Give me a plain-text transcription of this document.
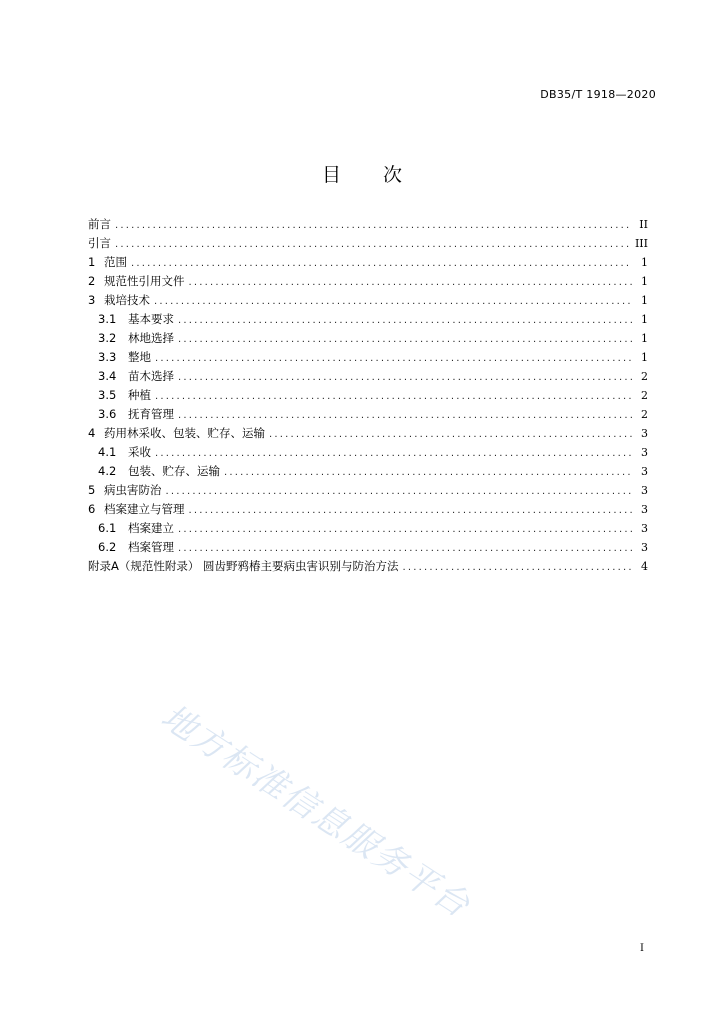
DB35/T 1918—2020
目 次
前言 .....	II
引言 .....	III
1 范围 .....	1
2 规范性引用文件 .....	1
3 栽培技术 .....	1
3.1	基本要求 .....	1
3.2	林地选择 .....	1
3.3	整地 .....	1
3.4	苗木选择 .....	2
3.5	种植 .....	2
3.6	抚育管理 .....	2
4 药用林采收、包装、贮存、运输 .....	3
4.1	采收 .....	3
4.2	包装、贮存、运输 .....	3
5 病虫害防治 .....	3
6 档案建立与管理 .....	3
6.1	档案建立 .....	3
6.2	档案管理 .....	3
附录A（规范性附录） 圆齿野鸦椿主要病虫害识别与防治方法 .....	4
地方标准信息服务平台
I
